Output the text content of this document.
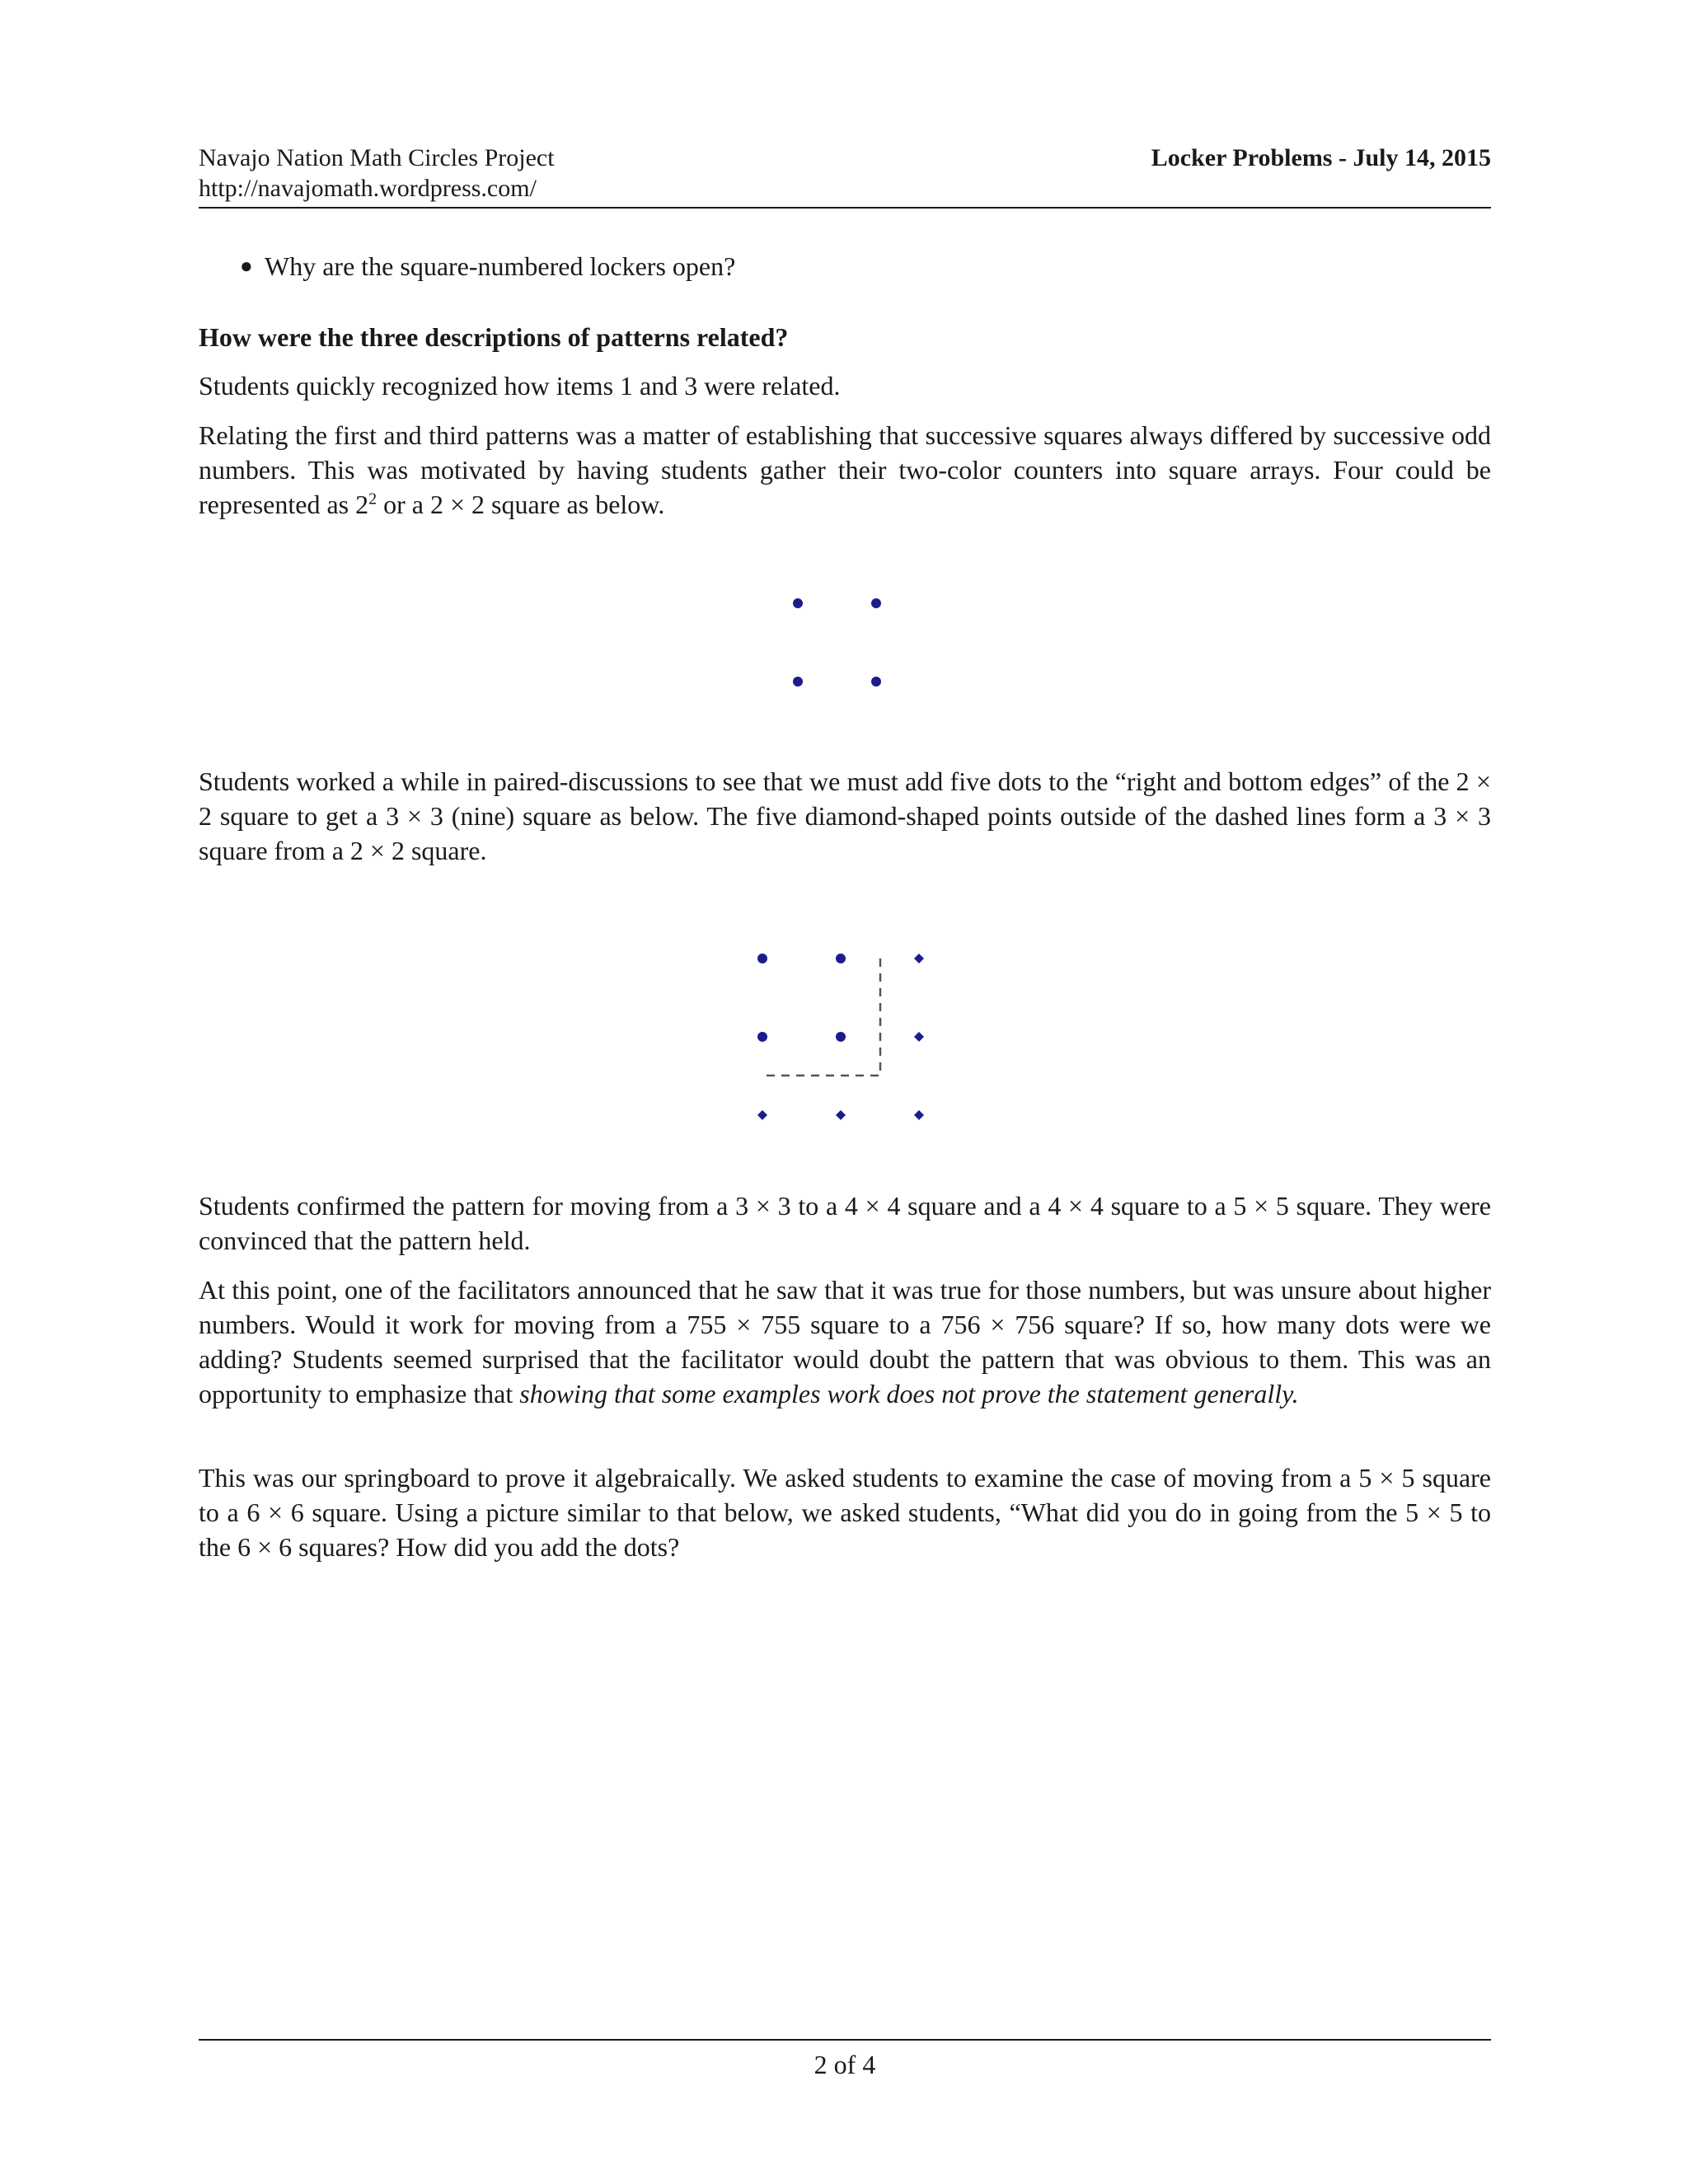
Navajo Nation Math Circles Project
http://navajomath.wordpress.com/
Locker Problems - July 14, 2015
● Why are the square-numbered lockers open?

How were the three descriptions of patterns related?

Students quickly recognized how items 1 and 3 were related.

Relating the first and third patterns was a matter of establishing that successive squares always differed by successive odd numbers. This was motivated by having students gather their two-color counters into square arrays. Four could be represented as $2^2$ or a 2 × 2 square as below.

Students worked a while in paired-discussions to see that we must add five dots to the “right and bottom edges” of the 2 × 2 square to get a 3 × 3 (nine) square as below. The five diamond-shaped points outside of the dashed lines form a 3 × 3 square from a 2 × 2 square.

Students confirmed the pattern for moving from a 3 × 3 to a 4 × 4 square and a 4 × 4 square to a 5 × 5 square. They were convinced that the pattern held.

At this point, one of the facilitators announced that he saw that it was true for those numbers, but was unsure about higher numbers. Would it work for moving from a 755 × 755 square to a 756 × 756 square? If so, how many dots were we adding? Students seemed surprised that the facilitator would doubt the pattern that was obvious to them. This was an opportunity to emphasize that showing that some examples work does not prove the statement generally.

This was our springboard to prove it algebraically. We asked students to examine the case of moving from a 5 × 5 square to a 6 × 6 square. Using a picture similar to that below, we asked students, “What did you do in going from the 5 × 5 to the 6 × 6 squares? How did you add the dots?

2 of 4
